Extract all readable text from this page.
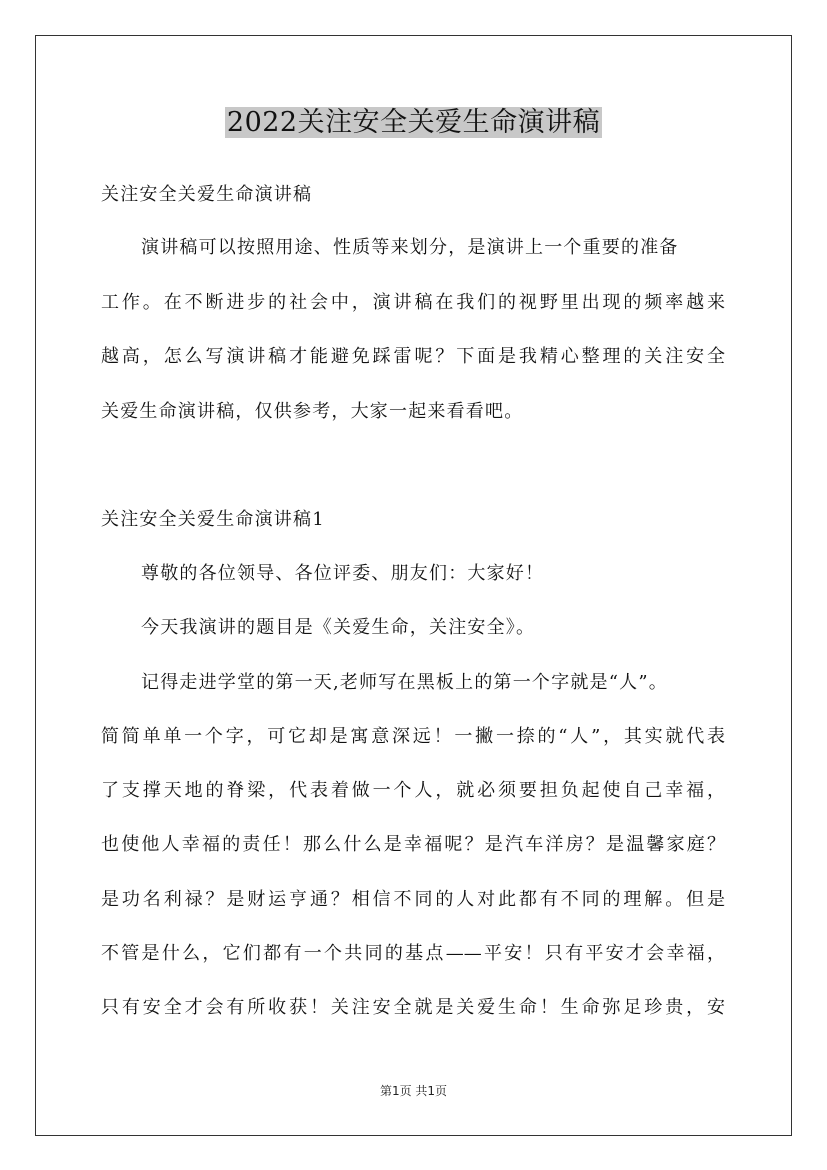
2022关注安全关爱生命演讲稿
关注安全关爱生命演讲稿
演讲稿可以按照用途、性质等来划分，是演讲上一个重要的准备
工作。在不断进步的社会中，演讲稿在我们的视野里出现的频率越来
越高，怎么写演讲稿才能避免踩雷呢？下面是我精心整理的关注安全
关爱生命演讲稿，仅供参考，大家一起来看看吧。
关注安全关爱生命演讲稿1
尊敬的各位领导、各位评委、朋友们：大家好！
今天我演讲的题目是《关爱生命，关注安全》。
记得走进学堂的第一天,老师写在黑板上的第一个字就是“人”。
简简单单一个字，可它却是寓意深远！一撇一捺的“人”，其实就代表
了支撑天地的脊梁，代表着做一个人，就必须要担负起使自己幸福，
也使他人幸福的责任！那么什么是幸福呢？是汽车洋房？是温馨家庭？
是功名利禄？是财运亨通？相信不同的人对此都有不同的理解。但是
不管是什么，它们都有一个共同的基点——平安！只有平安才会幸福，
只有安全才会有所收获！关注安全就是关爱生命！生命弥足珍贵，安
第1页 共1页
